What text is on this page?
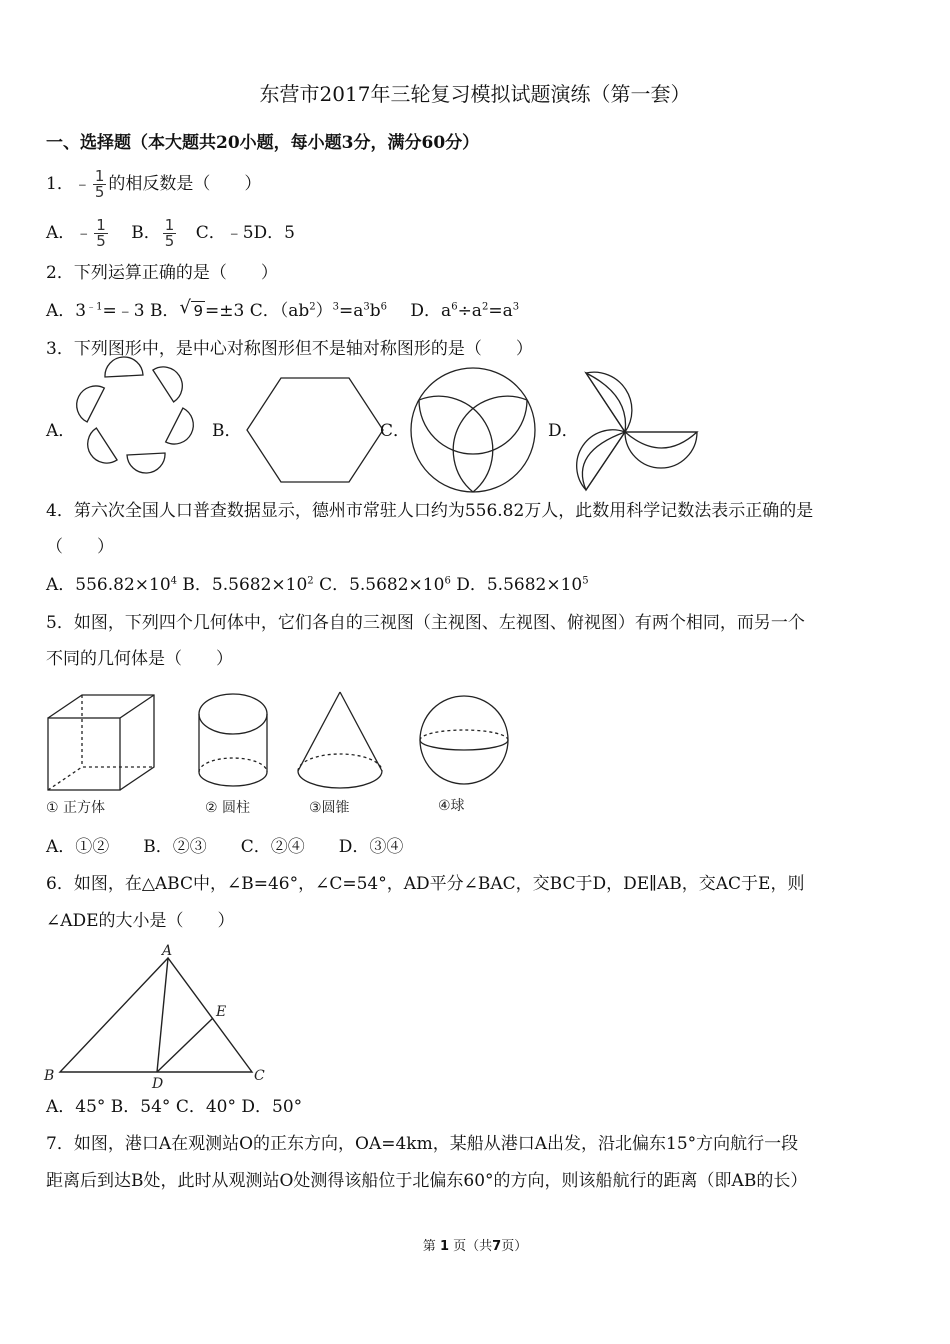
东营市2017年三轮复习模拟试题演练（第一套）
一、选择题（本大题共20小题，每小题3分，满分60分）
1．﹣ $\frac{1}{5}$ 的相反数是（　　）
A．﹣ $\frac{1}{5}$ B． $\frac{1}{5}$ C．﹣5D．5
2．下列运算正确的是（　　）
A．$3^{﹣1}=﹣3$ B． √ 9 =±3 C．$(ab^2)^3=a^3b^6$ D．$a^6\div a^2=a^3$
3．下列图形中，是中心对称图形但不是轴对称图形的是（　　）
A．	B．	C．	D．
① 正方体	② 圆柱	③圆锥	④球
A
B	C
D
E
4．第六次全国人口普查数据显示，德州市常驻人口约为556.82万人，此数用科学记数法表示正确的是
（　　）
A．$556.82\times 10^4$ B．$5.5682\times 10^2$ C．$5.5682\times 10^6$ D．$5.5682\times 10^5$
5．如图，下列四个几何体中，它们各自的三视图（主视图、左视图、俯视图）有两个相同，而另一个
不同的几何体是（　　）
A．①②　　B．②③　　C．②④　　D．③④
6．如图，在△ABC中，∠B=46°，∠C=54°，AD平分∠BAC，交BC于D，DE∥AB，交AC于E，则
∠ADE的大小是（　　）
A．45° B．54° C．40° D．50°
7．如图，港口A在观测站O的正东方向，OA=4km，某船从港口A出发，沿北偏东15°方向航行一段
距离后到达B处，此时从观测站O处测得该船位于北偏东60°的方向，则该船航行的距离（即AB的长）
第 1 页（共7页）
